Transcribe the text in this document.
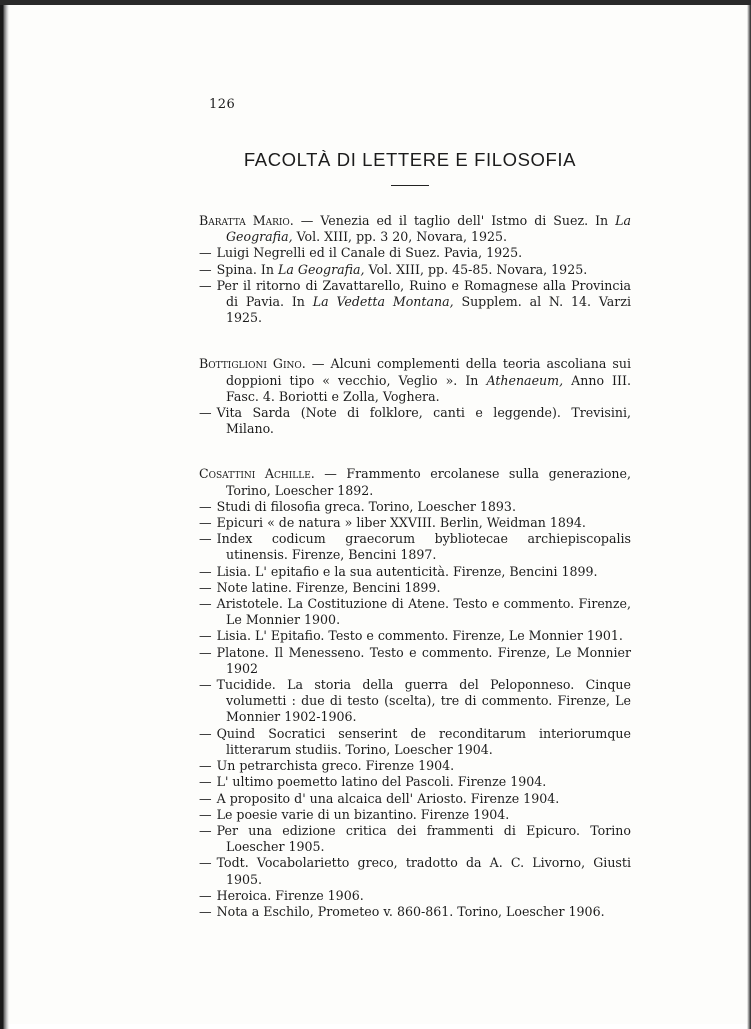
126
FACOLTÀ DI LETTERE E FILOSOFIA
Baratta Mario. — Venezia ed il taglio dell' Istmo di Suez. In La Geografia, Vol. XIII, pp. 3 20, Novara, 1925.
— Luigi Negrelli ed il Canale di Suez. Pavia, 1925.
— Spina. In La Geografia, Vol. XIII, pp. 45-85. Novara, 1925.
— Per il ritorno di Zavattarello, Ruino e Romagnese alla Provincia di Pavia. In La Vedetta Montana, Supplem. al N. 14. Varzi 1925.
Bottiglioni Gino. — Alcuni complementi della teoria ascoliana sui doppioni tipo « vecchio, Veglio ». In Athenaeum, Anno III. Fasc. 4. Boriotti e Zolla, Voghera.
— Vita Sarda (Note di folklore, canti e leggende). Trevisini, Milano.
Cosattini Achille. — Frammento ercolanese sulla generazione, Torino, Loescher 1892.
— Studi di filosofia greca. Torino, Loescher 1893.
— Epicuri « de natura » liber XXVIII. Berlin, Weidman 1894.
— Index codicum graecorum bybliotecae archiepiscopalis utinensis. Firenze, Bencini 1897.
— Lisia. L' epitafio e la sua autenticità. Firenze, Bencini 1899.
— Note latine. Firenze, Bencini 1899.
— Aristotele. La Costituzione di Atene. Testo e commento. Firenze, Le Monnier 1900.
— Lisia. L' Epitafio. Testo e commento. Firenze, Le Monnier 1901.
— Platone. Il Menesseno. Testo e commento. Firenze, Le Monnier 1902
— Tucidide. La storia della guerra del Peloponneso. Cinque volumetti : due di testo (scelta), tre di commento. Firenze, Le Monnier 1902-1906.
— Quind Socratici senserint de reconditarum interiorumque litterarum studiis. Torino, Loescher 1904.
— Un petrarchista greco. Firenze 1904.
— L' ultimo poemetto latino del Pascoli. Firenze 1904.
— A proposito d' una alcaica dell' Ariosto. Firenze 1904.
— Le poesie varie di un bizantino. Firenze 1904.
— Per una edizione critica dei frammenti di Epicuro. Torino Loescher 1905.
— Todt. Vocabolarietto greco, tradotto da A. C. Livorno, Giusti 1905.
— Heroica. Firenze 1906.
— Nota a Eschilo, Prometeo v. 860-861. Torino, Loescher 1906.
